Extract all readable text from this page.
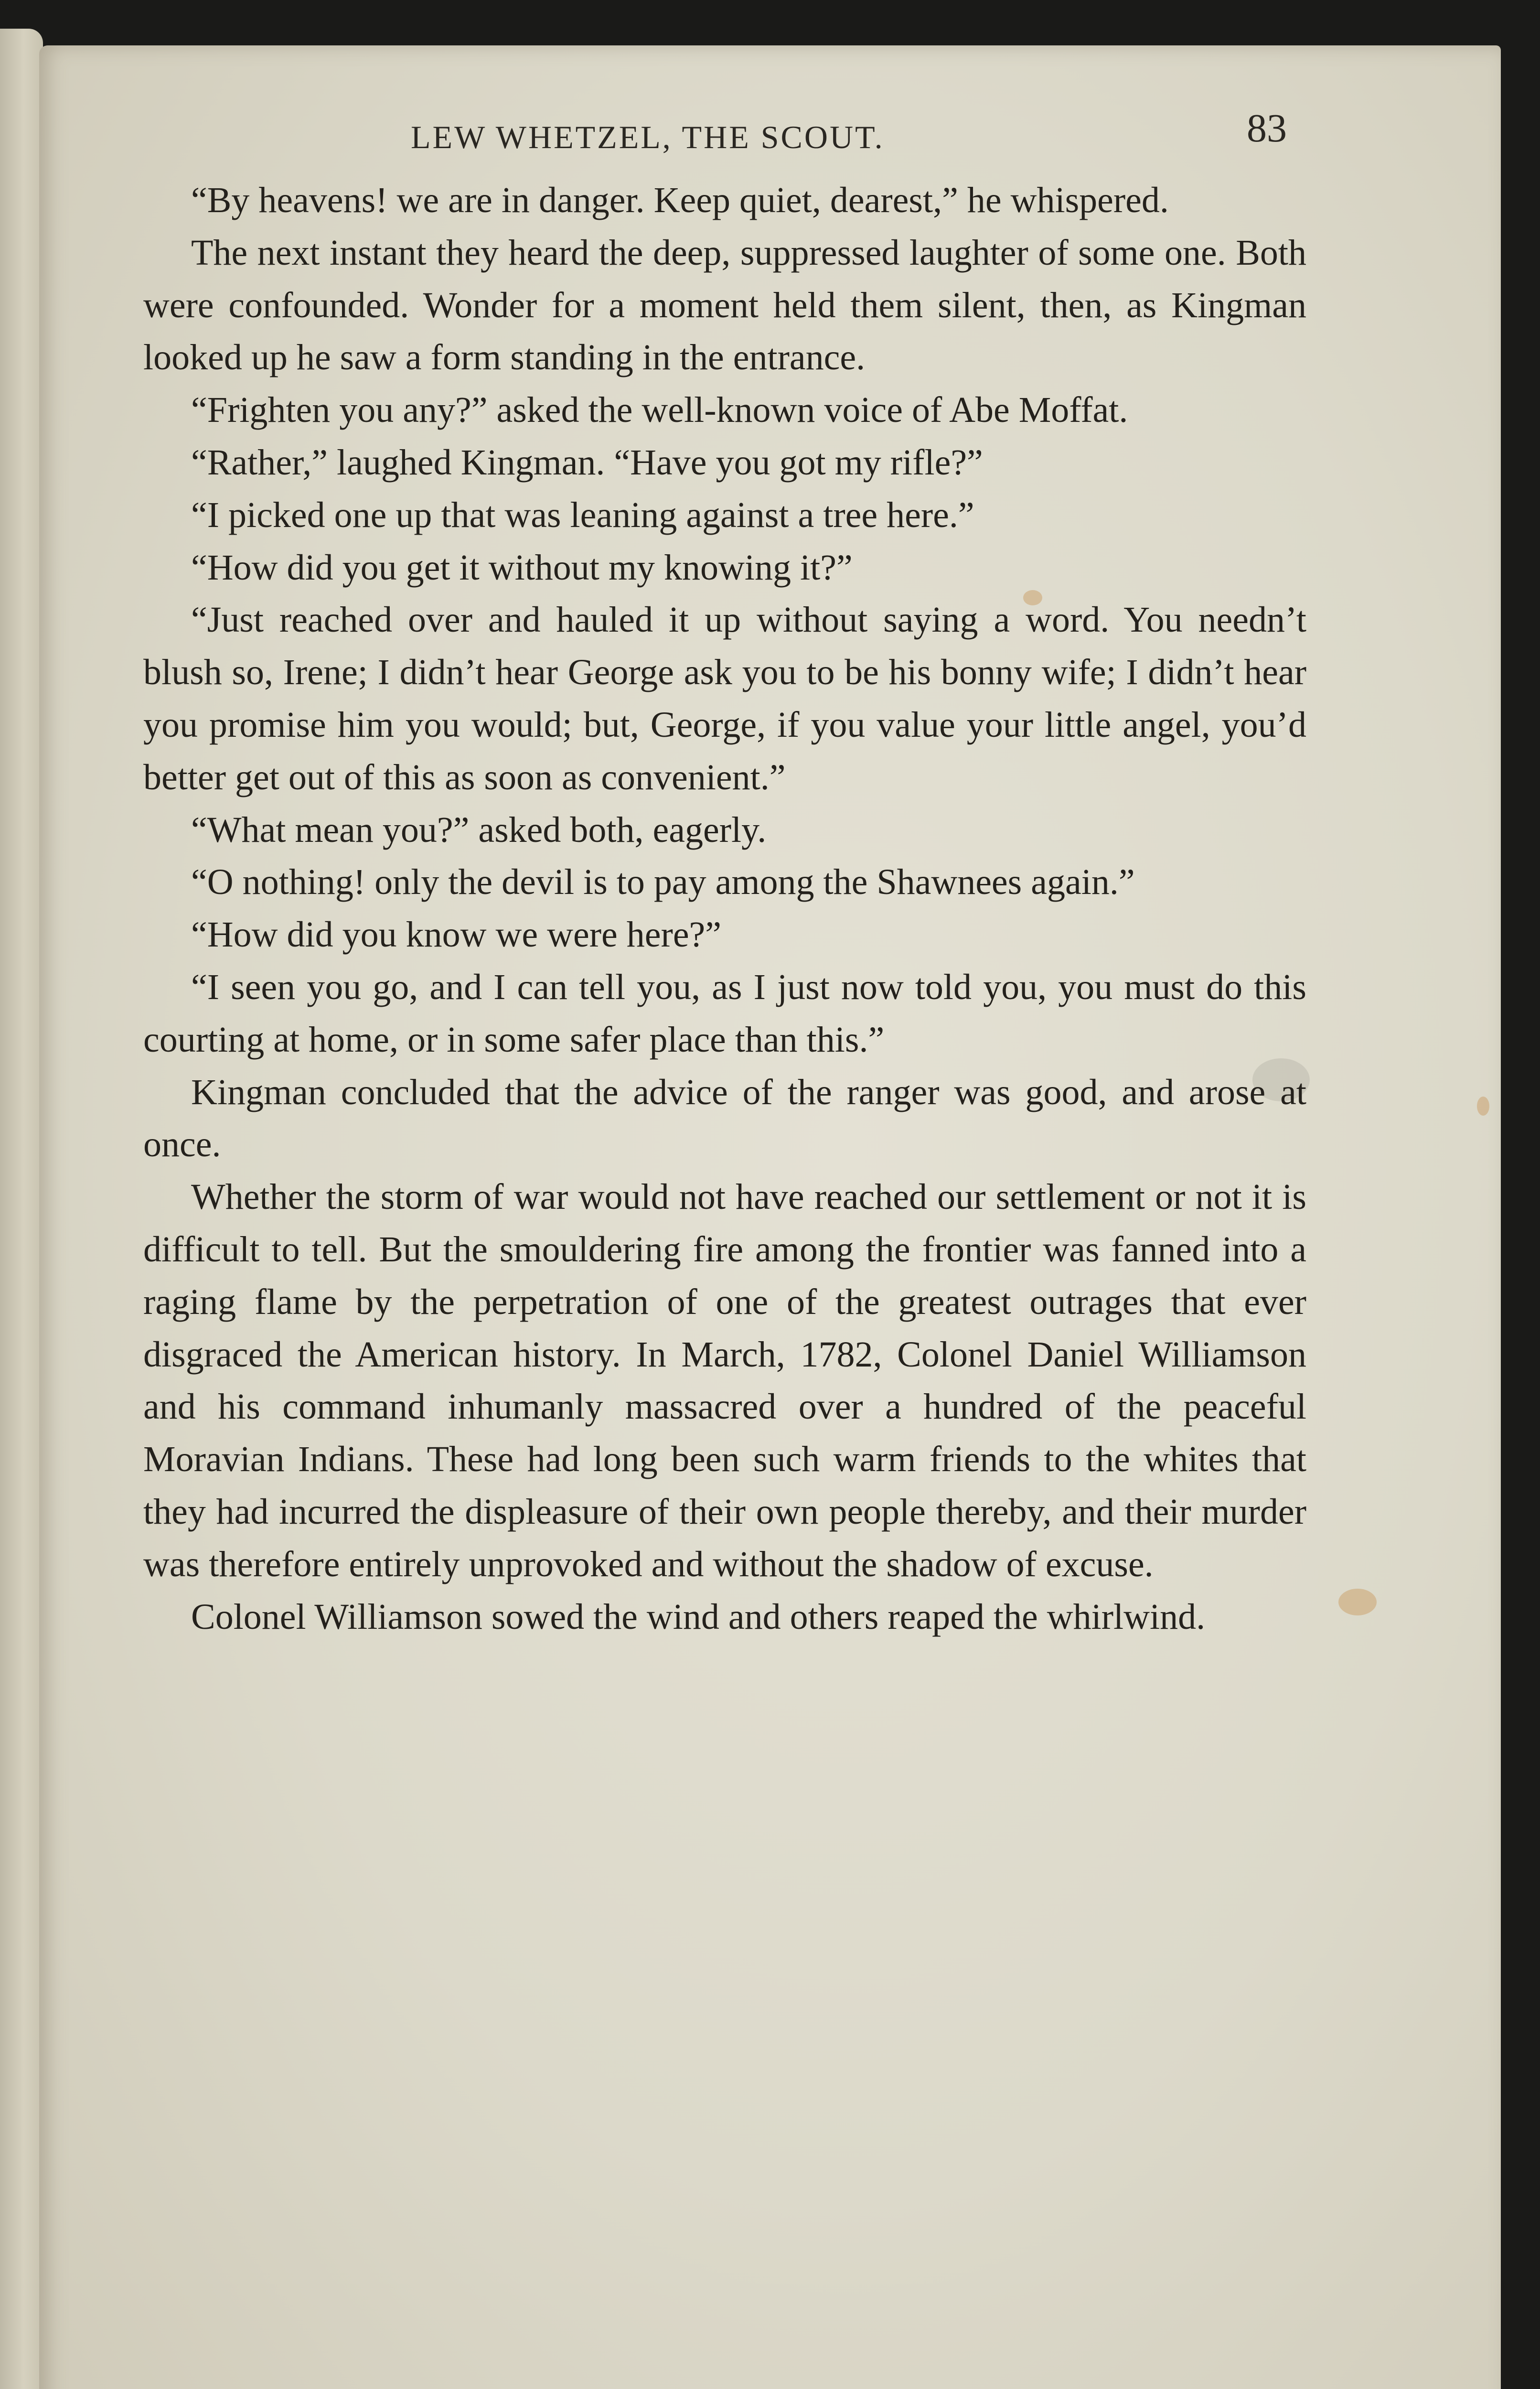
LEW WHETZEL, THE SCOUT.	83

“By heavens! we are in danger. Keep quiet, dearest,” he whispered.

The next instant they heard the deep, suppressed laughter of some one. Both were confounded. Wonder for a moment held them silent, then, as Kingman looked up he saw a form standing in the entrance.

“Frighten you any?” asked the well-known voice of Abe Moffat.

“Rather,” laughed Kingman. “Have you got my rifle?”

“I picked one up that was leaning against a tree here.”

“How did you get it without my knowing it?”

“Just reached over and hauled it up without saying a word. You needn’t blush so, Irene; I didn’t hear George ask you to be his bonny wife; I didn’t hear you promise him you would; but, George, if you value your little angel, you’d better get out of this as soon as convenient.”

“What mean you?” asked both, eagerly.

“O nothing! only the devil is to pay among the Shawnees again.”

“How did you know we were here?”

“I seen you go, and I can tell you, as I just now told you, you must do this courting at home, or in some safer place than this.”

Kingman concluded that the advice of the ranger was good, and arose at once.

Whether the storm of war would not have reached our settlement or not it is difficult to tell. But the smouldering fire among the frontier was fanned into a raging flame by the perpetration of one of the greatest outrages that ever disgraced the American history. In March, 1782, Colonel Daniel Williamson and his command inhumanly massacred over a hundred of the peaceful Moravian Indians. These had long been such warm friends to the whites that they had incurred the displeasure of their own people thereby, and their murder was therefore entirely unprovoked and without the shadow of excuse.

Colonel Williamson sowed the wind and others reaped the whirlwind.
